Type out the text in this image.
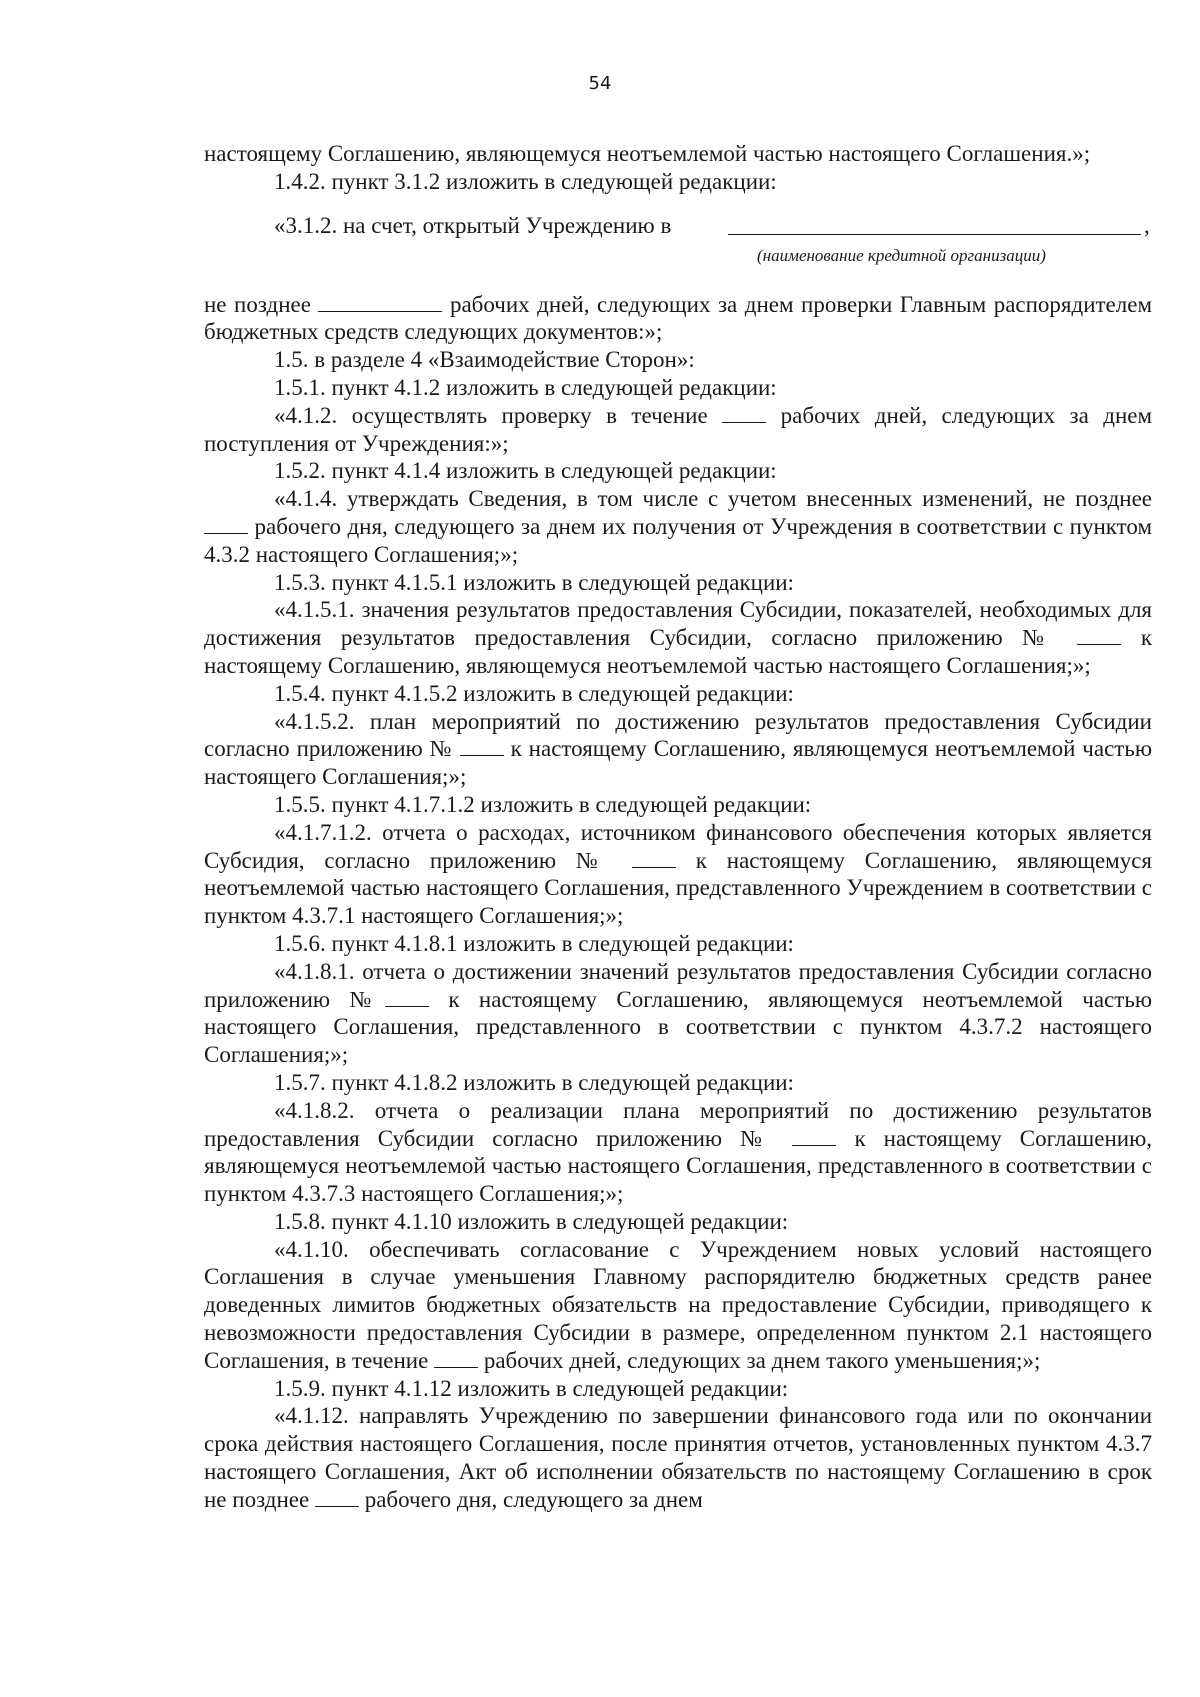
54

настоящему Соглашению, являющемуся неотъемлемой частью настоящего Соглашения.»;

1.4.2. пункт 3.1.2 изложить в следующей редакции:

«3.1.2. на счет, открытый Учреждению в	,
(наименование кредитной организации)

не позднее	рабочих дней, следующих за днем проверки Главным распорядителем бюджетных средств следующих документов:»;

1.5. в разделе 4 «Взаимодействие Сторон»:

1.5.1. пункт 4.1.2 изложить в следующей редакции:

«4.1.2. осуществлять проверку в течение	рабочих дней, следующих за днем поступления от Учреждения:»;

1.5.2. пункт 4.1.4 изложить в следующей редакции:

«4.1.4. утверждать Сведения, в том числе с учетом внесенных изменений, не позднее  рабочего дня, следующего за днем их получения от Учреждения в соответствии с пунктом 4.3.2 настоящего Соглашения;»;

1.5.3. пункт 4.1.5.1 изложить в следующей редакции:

«4.1.5.1. значения результатов предоставления Субсидии, показателей, необходимых для достижения результатов предоставления Субсидии, согласно приложению №	к настоящему Соглашению, являющемуся неотъемлемой частью настоящего Соглашения;»;

1.5.4. пункт 4.1.5.2 изложить в следующей редакции:

«4.1.5.2. план мероприятий по достижению результатов предоставления Субсидии согласно приложению №	к настоящему Соглашению, являющемуся неотъемлемой частью настоящего Соглашения;»;

1.5.5. пункт 4.1.7.1.2 изложить в следующей редакции:

«4.1.7.1.2. отчета о расходах, источником финансового обеспечения которых является Субсидия, согласно приложению №	к настоящему Соглашению, являющемуся неотъемлемой частью настоящего Соглашения, представленного Учреждением в соответствии с пунктом 4.3.7.1 настоящего Соглашения;»;

1.5.6. пункт 4.1.8.1 изложить в следующей редакции:

«4.1.8.1. отчета о достижении значений результатов предоставления Субсидии согласно приложению №	к настоящему Соглашению, являющемуся неотъемлемой частью настоящего Соглашения, представленного в соответствии с пунктом 4.3.7.2 настоящего Соглашения;»;

1.5.7. пункт 4.1.8.2 изложить в следующей редакции:

«4.1.8.2. отчета о реализации плана мероприятий по достижению результатов предоставления Субсидии согласно приложению №	к настоящему Соглашению, являющемуся неотъемлемой частью настоящего Соглашения, представленного в соответствии с пунктом 4.3.7.3 настоящего Соглашения;»;

1.5.8. пункт 4.1.10 изложить в следующей редакции:

«4.1.10. обеспечивать согласование с Учреждением новых условий настоящего Соглашения в случае уменьшения Главному распорядителю бюджетных средств ранее доведенных лимитов бюджетных обязательств на предоставление Субсидии, приводящего к невозможности предоставления Субсидии в размере, определенном пунктом 2.1 настоящего Соглашения, в течение рабочих дней, следующих за днем такого уменьшения;»;

1.5.9. пункт 4.1.12 изложить в следующей редакции:

«4.1.12. направлять Учреждению по завершении финансового года или по окончании срока действия настоящего Соглашения, после принятия отчетов, установленных пунктом 4.3.7 настоящего Соглашения, Акт об исполнении обязательств по настоящему Соглашению в срок не позднее рабочего дня, следующего за днем
